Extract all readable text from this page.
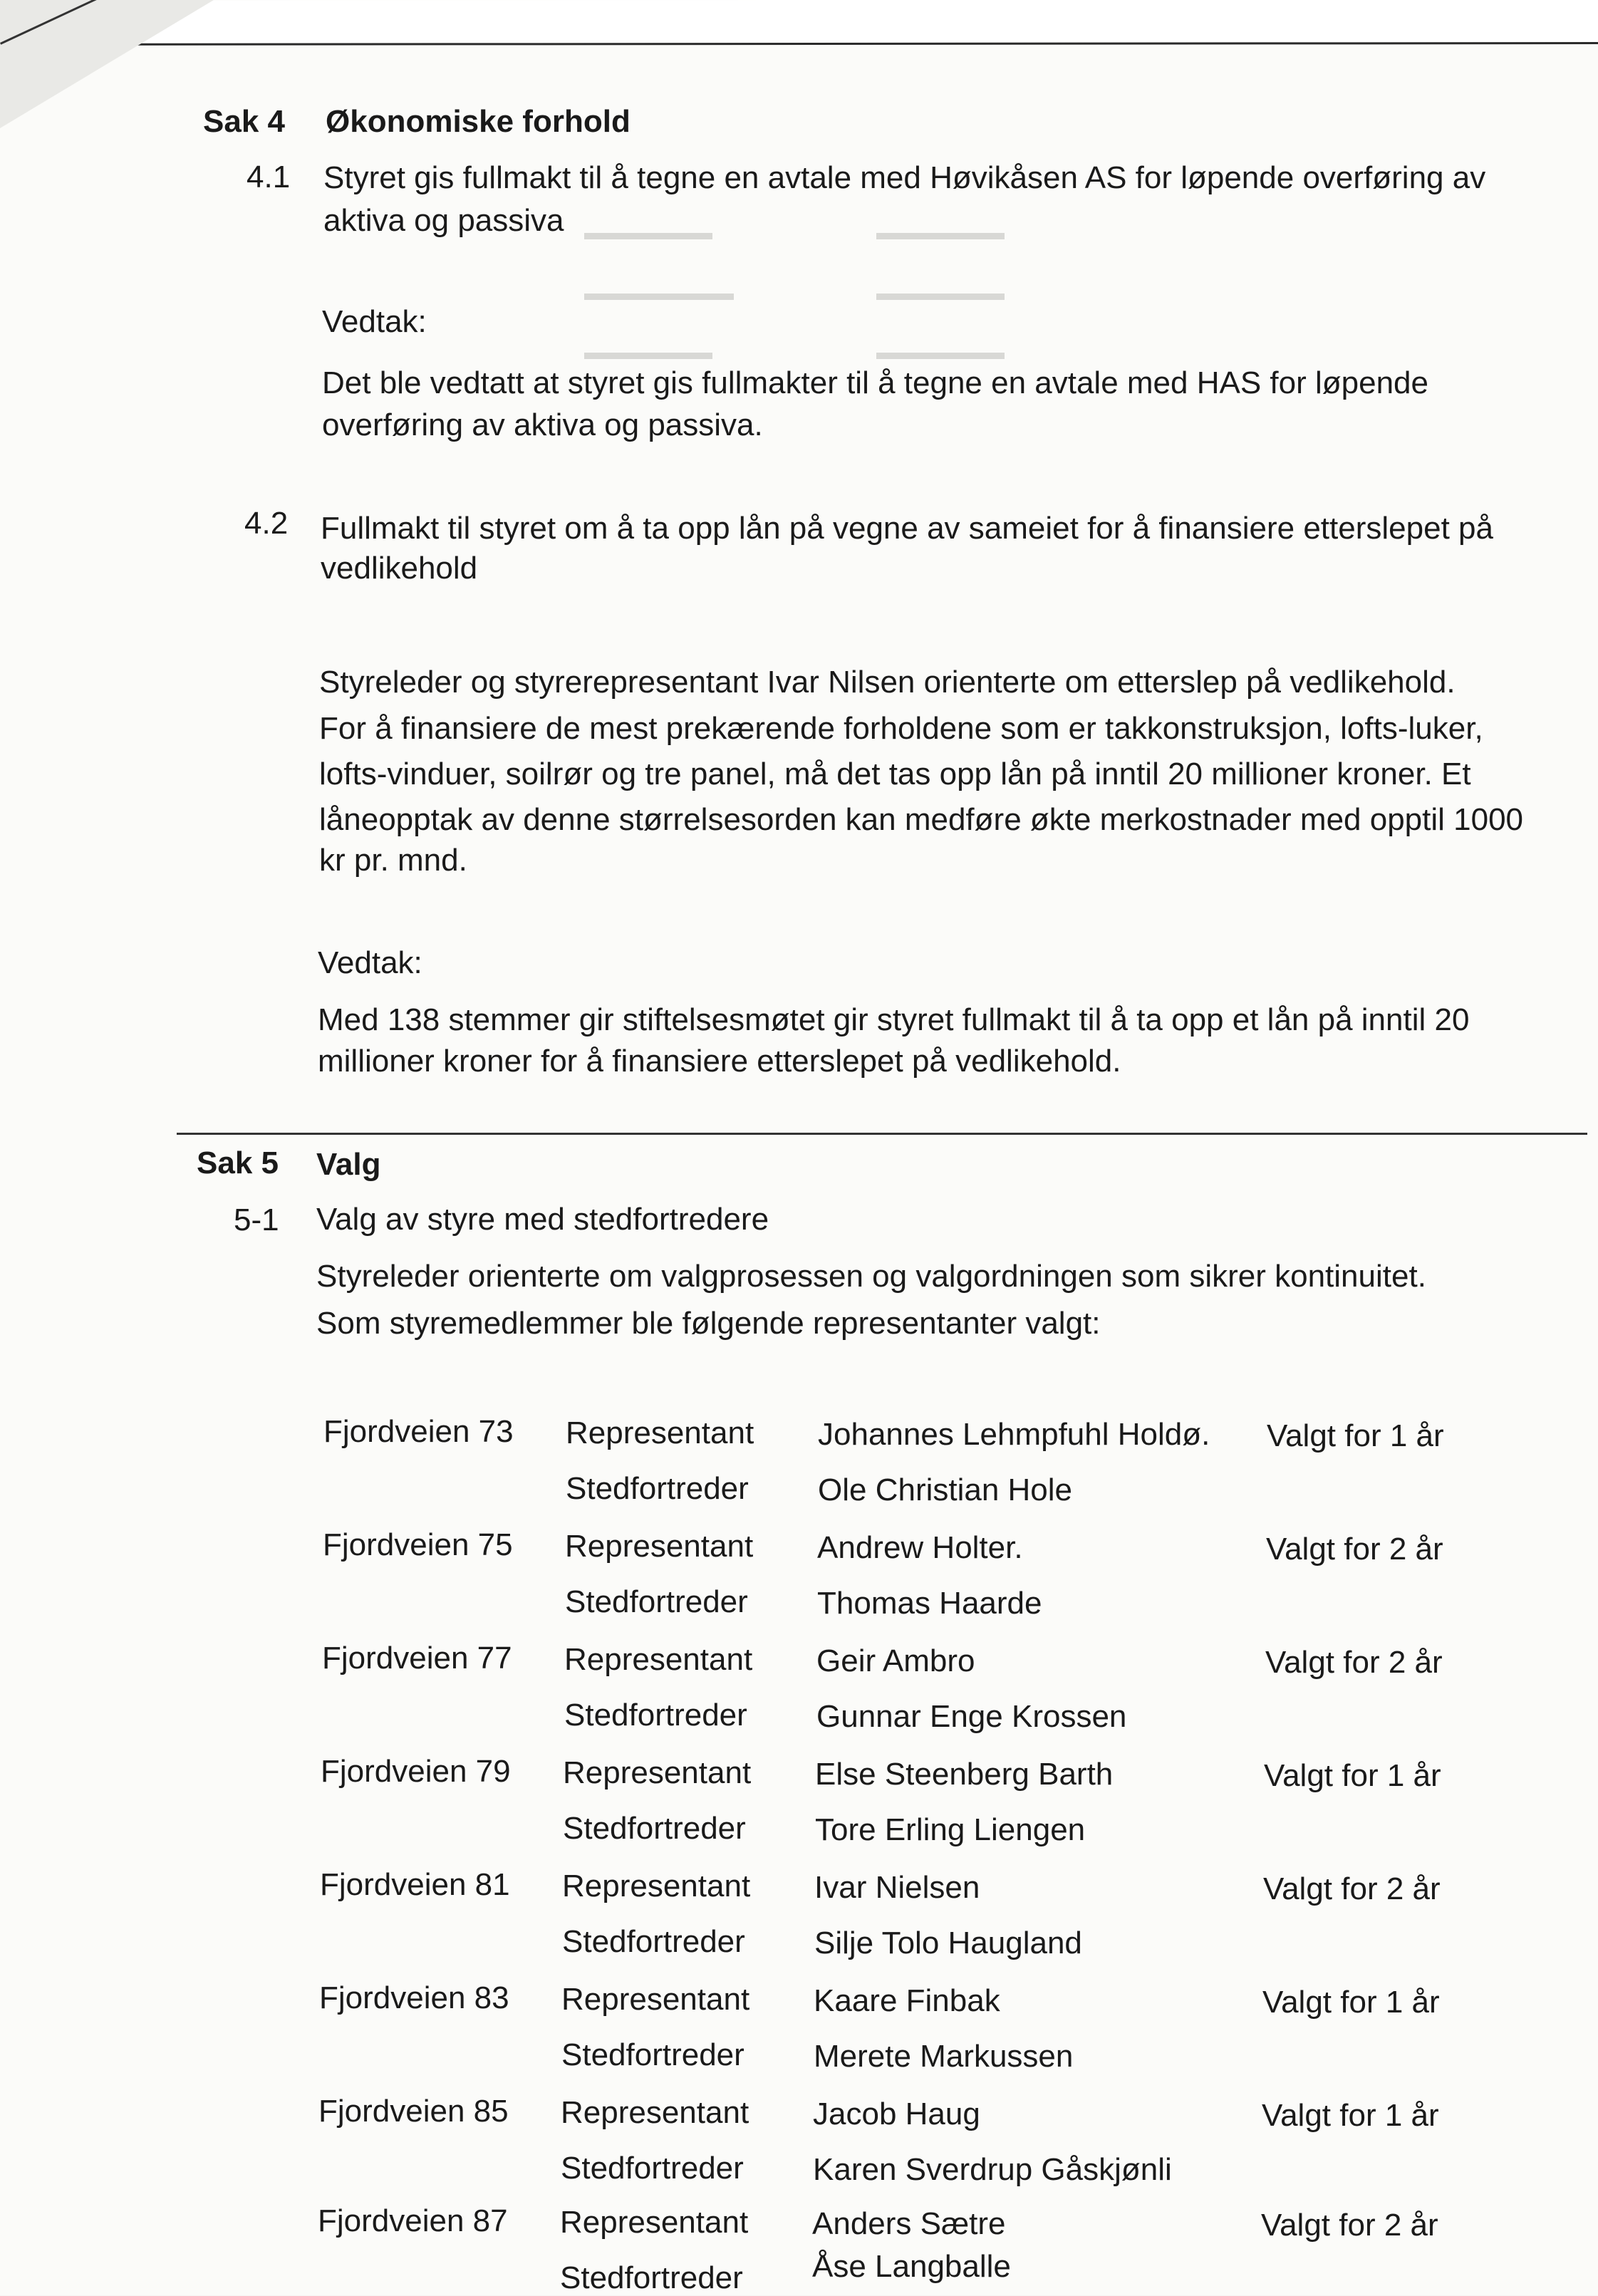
▬▬▬▬▬▬	▬▬▬▬▬▬
▬▬▬▬▬▬▬	▬▬▬▬▬▬
▬▬▬▬▬▬	▬▬▬▬▬▬
Sak 4 Økonomiske forhold
4.1 Styret gis fullmakt til å tegne en avtale med Høvikåsen AS for løpende overføring av
aktiva og passiva
Vedtak:
Det ble vedtatt at styret gis fullmakter til å tegne en avtale med HAS for løpende
overføring av aktiva og passiva.
4.2 Fullmakt til styret om å ta opp lån på vegne av sameiet for å finansiere etterslepet på
vedlikehold
Styreleder og styrerepresentant Ivar Nilsen orienterte om etterslep på vedlikehold.
For å finansiere de mest prekærende forholdene som er takkonstruksjon, lofts-luker,
lofts-vinduer, soilrør og tre panel, må det tas opp lån på inntil 20 millioner kroner. Et
låneopptak av denne størrelsesorden kan medføre økte merkostnader med opptil 1000
kr pr. mnd.
Vedtak:
Med 138 stemmer gir stiftelsesmøtet gir styret fullmakt til å ta opp et lån på inntil 20
millioner kroner for å finansiere etterslepet på vedlikehold.
Sak 5 Valg
5-1 Valg av styre med stedfortredere
Styreleder orienterte om valgprosessen og valgordningen som sikrer kontinuitet.
Som styremedlemmer ble følgende representanter valgt:
Fjordveien 73 Representant Johannes Lehmpfuhl Holdø. Valgt for 1 år
Stedfortreder Ole Christian Hole
Fjordveien 75 Representant Andrew Holter.	Valgt for 2 år
Stedfortreder Thomas Haarde
Fjordveien 77 Representant Geir Ambro	Valgt for 2 år
Stedfortreder Gunnar Enge Krossen
Fjordveien 79 Representant Else Steenberg Barth	Valgt for 1 år
Stedfortreder Tore Erling Liengen
Fjordveien 81 Representant Ivar Nielsen	Valgt for 2 år
Stedfortreder Silje Tolo Haugland
Fjordveien 83 Representant Kaare Finbak	Valgt for 1 år
Stedfortreder Merete Markussen
Fjordveien 85 Representant Jacob Haug	Valgt for 1 år
Stedfortreder Karen Sverdrup Gåskjønli
Fjordveien 87 Representant Anders Sætre	Valgt for 2 år
Stedfortreder Åse Langballe
